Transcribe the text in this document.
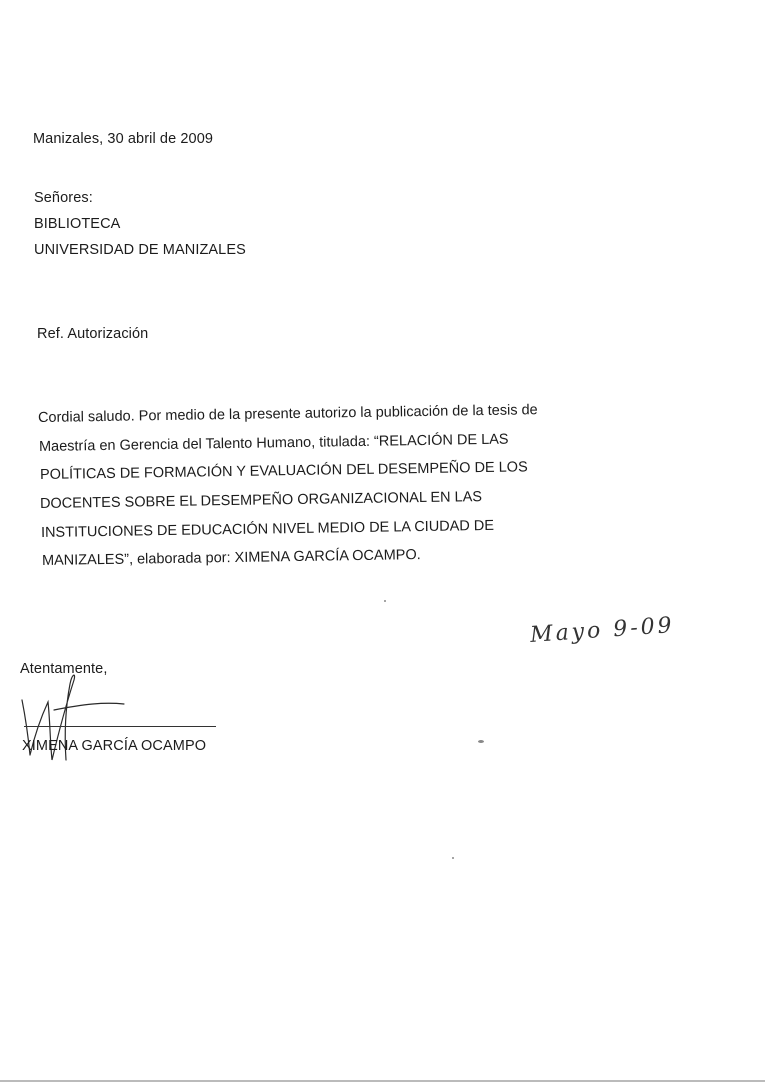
Manizales, 30 abril de 2009
Señores:
BIBLIOTECA
UNIVERSIDAD DE MANIZALES
Ref. Autorización
Cordial saludo. Por medio de la presente autorizo la publicación de la tesis de
Maestría en Gerencia del Talento Humano, titulada: “RELACIÓN DE LAS
POLÍTICAS DE FORMACIÓN Y EVALUACIÓN DEL DESEMPEÑO DE LOS
DOCENTES SOBRE EL DESEMPEÑO ORGANIZACIONAL EN LAS
INSTITUCIONES DE EDUCACIÓN NIVEL MEDIO DE LA CIUDAD DE
MANIZALES”, elaborada por: XIMENA GARCÍA OCAMPO.
Mayo 9-09
Atentamente,
XIMENA GARCÍA OCAMPO
